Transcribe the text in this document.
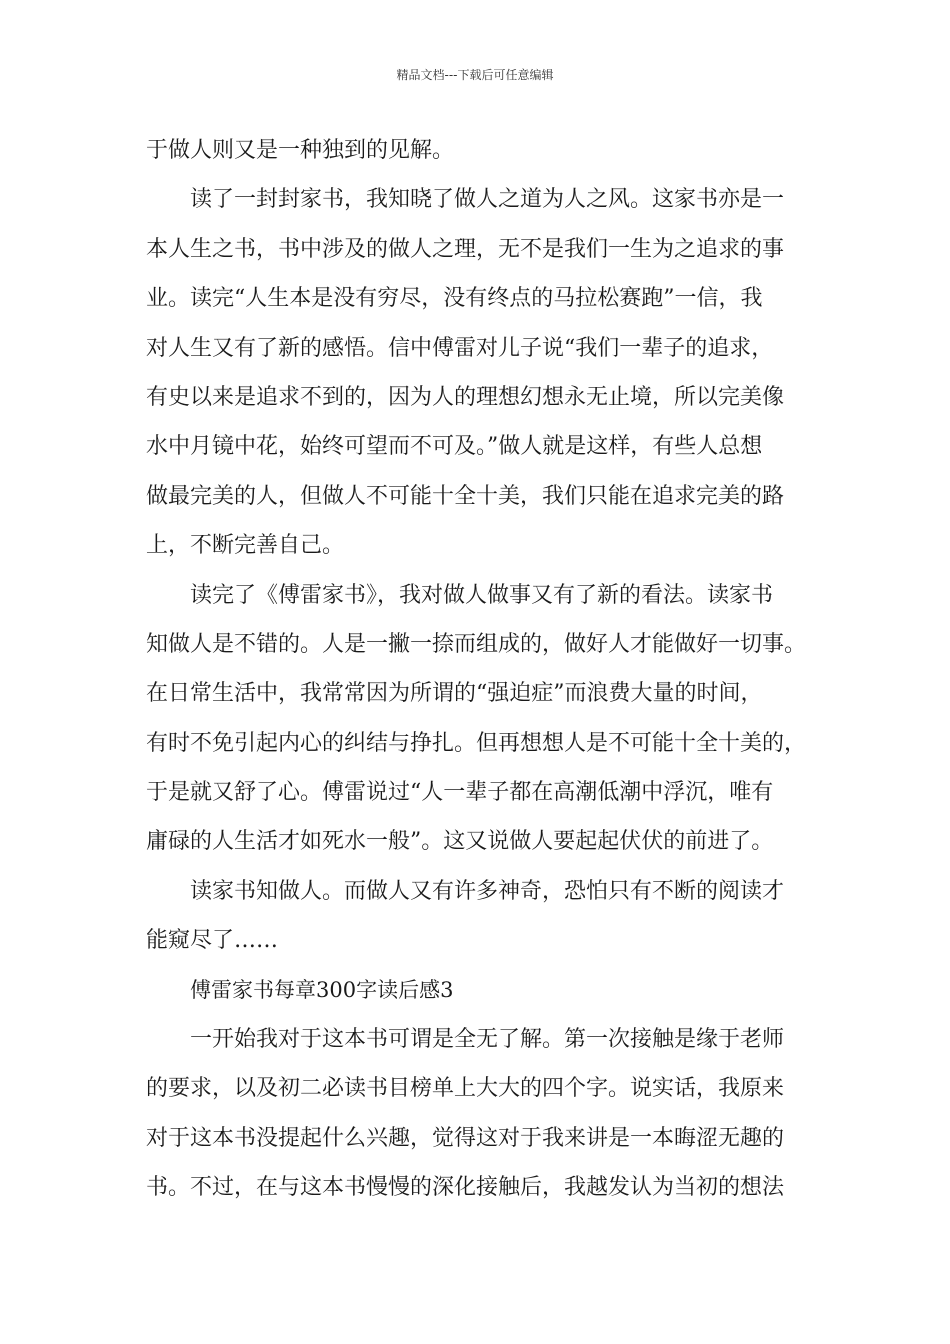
精品文档---下载后可任意编辑
于做人则又是一种独到的见解。
读了一封封家书，我知晓了做人之道为人之风。这家书亦是一
本人生之书，书中涉及的做人之理，无不是我们一生为之追求的事
业。读完“人生本是没有穷尽，没有终点的马拉松赛跑”一信，我
对人生又有了新的感悟。信中傅雷对儿子说“我们一辈子的追求，
有史以来是追求不到的，因为人的理想幻想永无止境，所以完美像
水中月镜中花，始终可望而不可及。”做人就是这样，有些人总想
做最完美的人，但做人不可能十全十美，我们只能在追求完美的路
上，不断完善自己。
读完了《傅雷家书》，我对做人做事又有了新的看法。读家书
知做人是不错的。人是一撇一捺而组成的，做好人才能做好一切事。
在日常生活中，我常常因为所谓的“强迫症”而浪费大量的时间，
有时不免引起内心的纠结与挣扎。但再想想人是不可能十全十美的，
于是就又舒了心。傅雷说过“人一辈子都在高潮低潮中浮沉，唯有
庸碌的人生活才如死水一般”。这又说做人要起起伏伏的前进了。
读家书知做人。而做人又有许多神奇，恐怕只有不断的阅读才
能窥尽了……
傅雷家书每章300字读后感3
一开始我对于这本书可谓是全无了解。第一次接触是缘于老师
的要求，以及初二必读书目榜单上大大的四个字。说实话，我原来
对于这本书没提起什么兴趣，觉得这对于我来讲是一本晦涩无趣的
书。不过，在与这本书慢慢的深化接触后，我越发认为当初的想法
